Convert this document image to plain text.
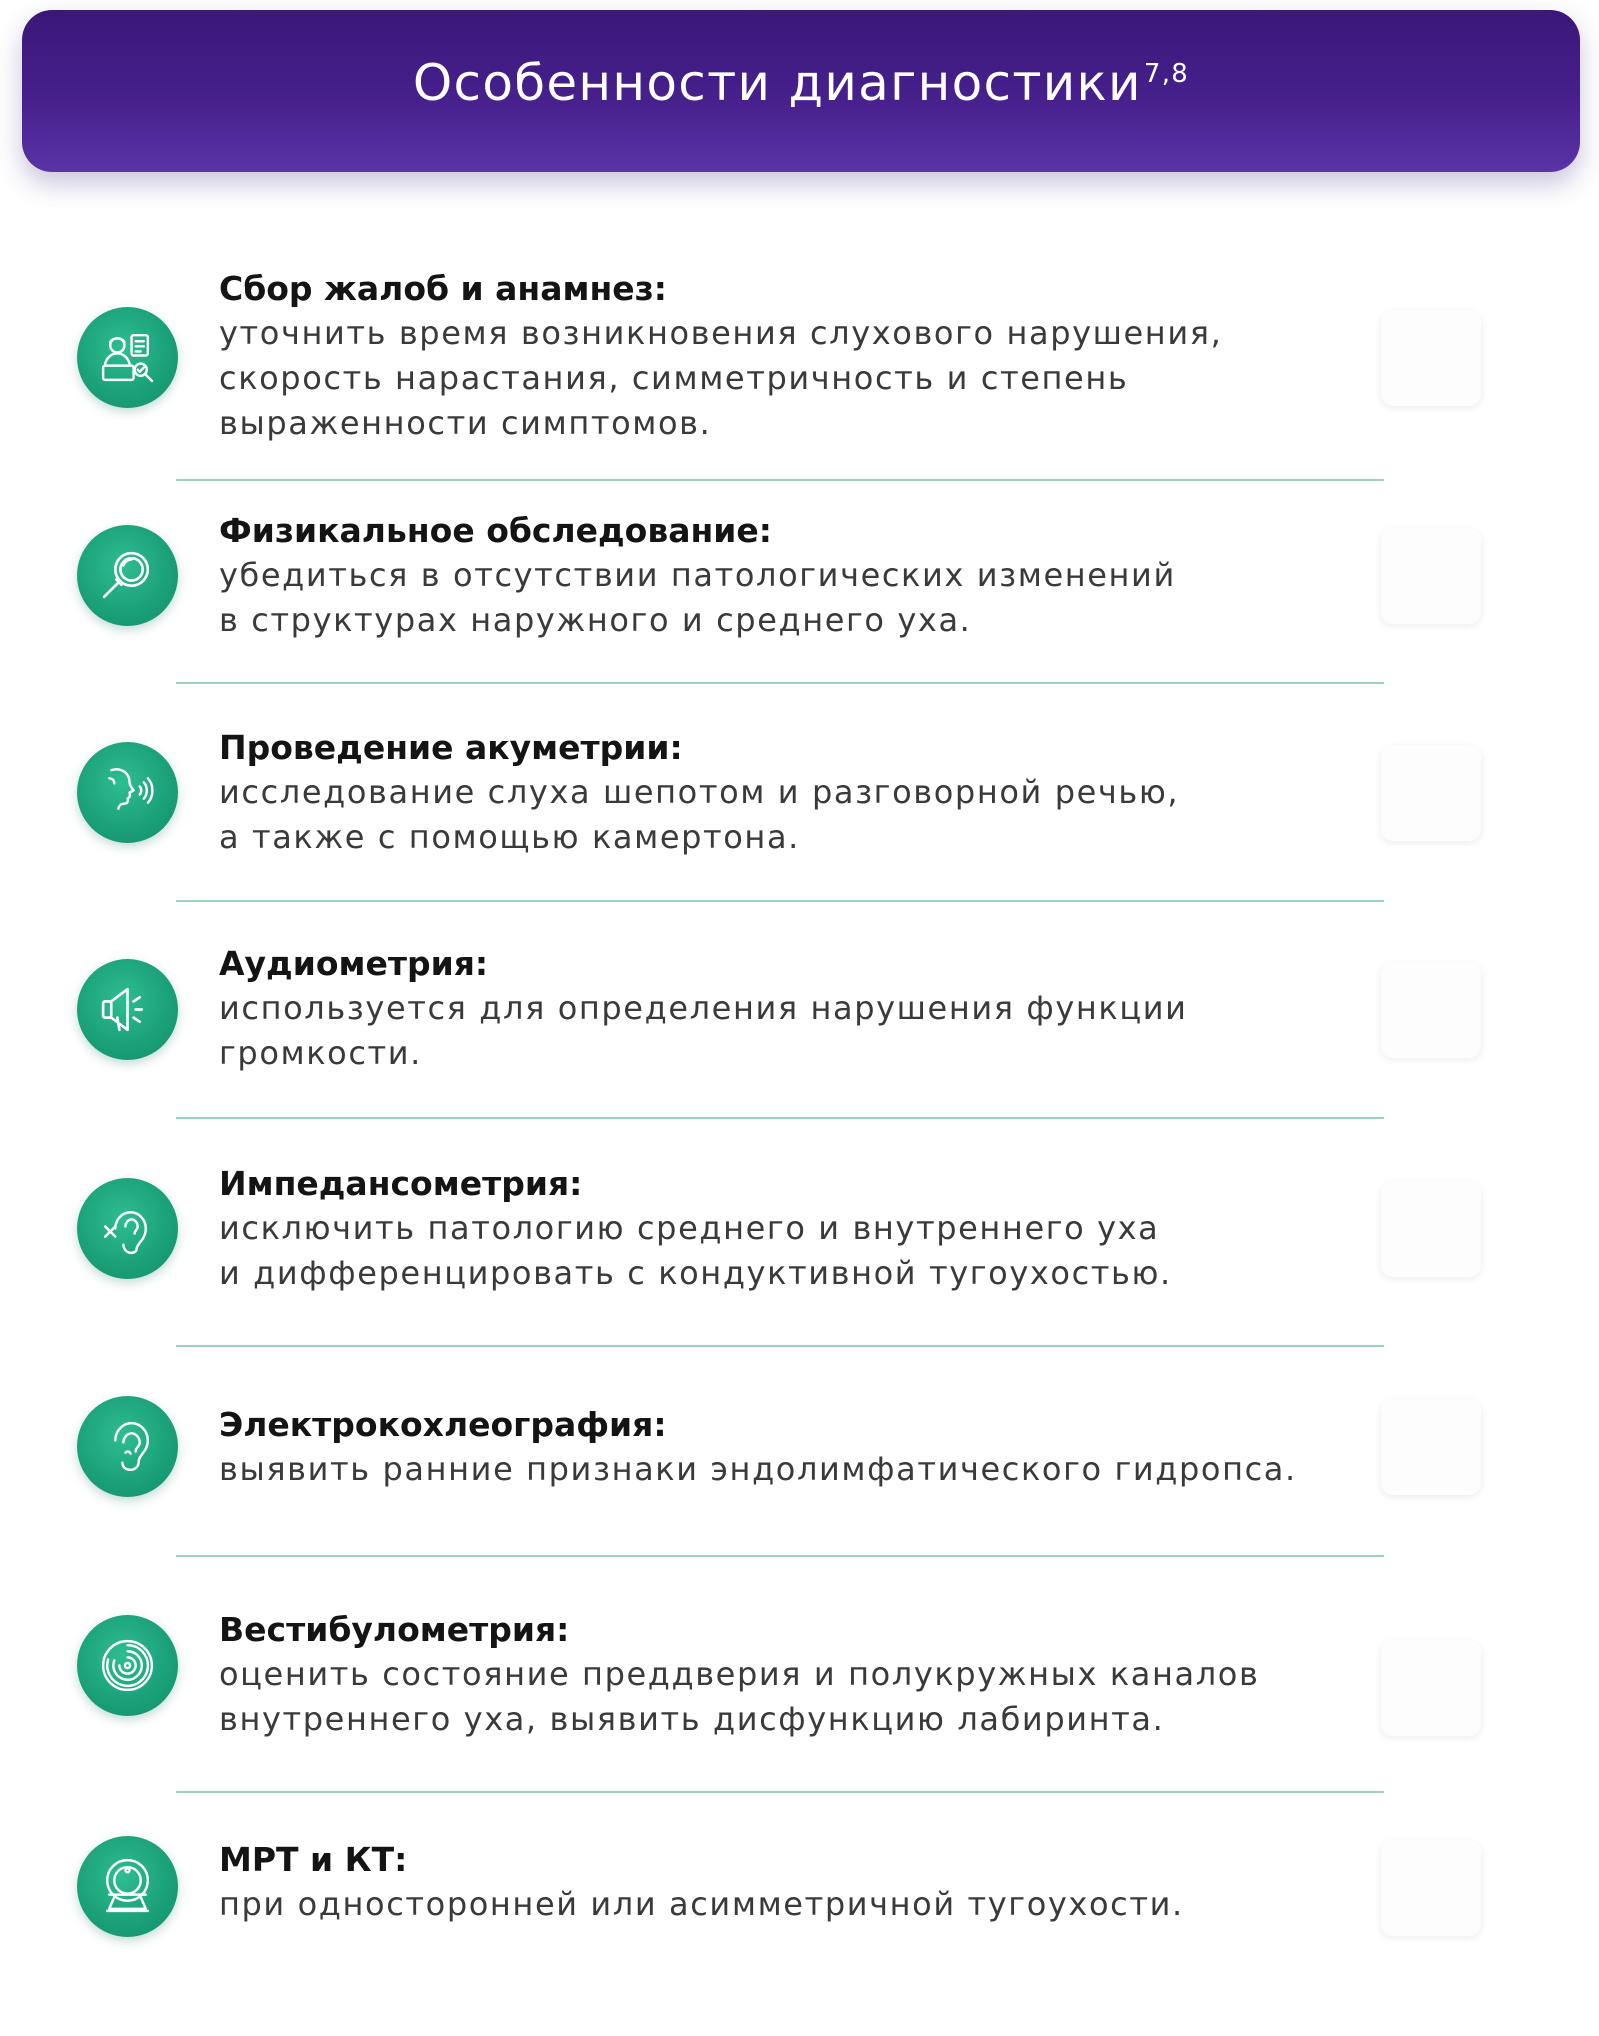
Особенности диагностики$^{7,8}$
Сбор жалоб и анамнез:
уточнить время возникновения слухового нарушения,
скорость нарастания, симметричность и степень
выраженности симптомов.
Физикальное обследование:
убедиться в отсутствии патологических изменений
в структурах наружного и среднего уха.
Проведение акуметрии:
исследование слуха шепотом и разговорной речью,
а также с помощью камертона.
Аудиометрия:
используется для определения нарушения функции
громкости.
Импедансометрия:
исключить патологию среднего и внутреннего уха
и дифференцировать с кондуктивной тугоухостью.
Электрокохлеография:
выявить ранние признаки эндолимфатического гидропса.
Вестибулометрия:
оценить состояние преддверия и полукружных каналов
внутреннего уха, выявить дисфункцию лабиринта.
МРТ и КТ:
при односторонней или асимметричной тугоухости.
